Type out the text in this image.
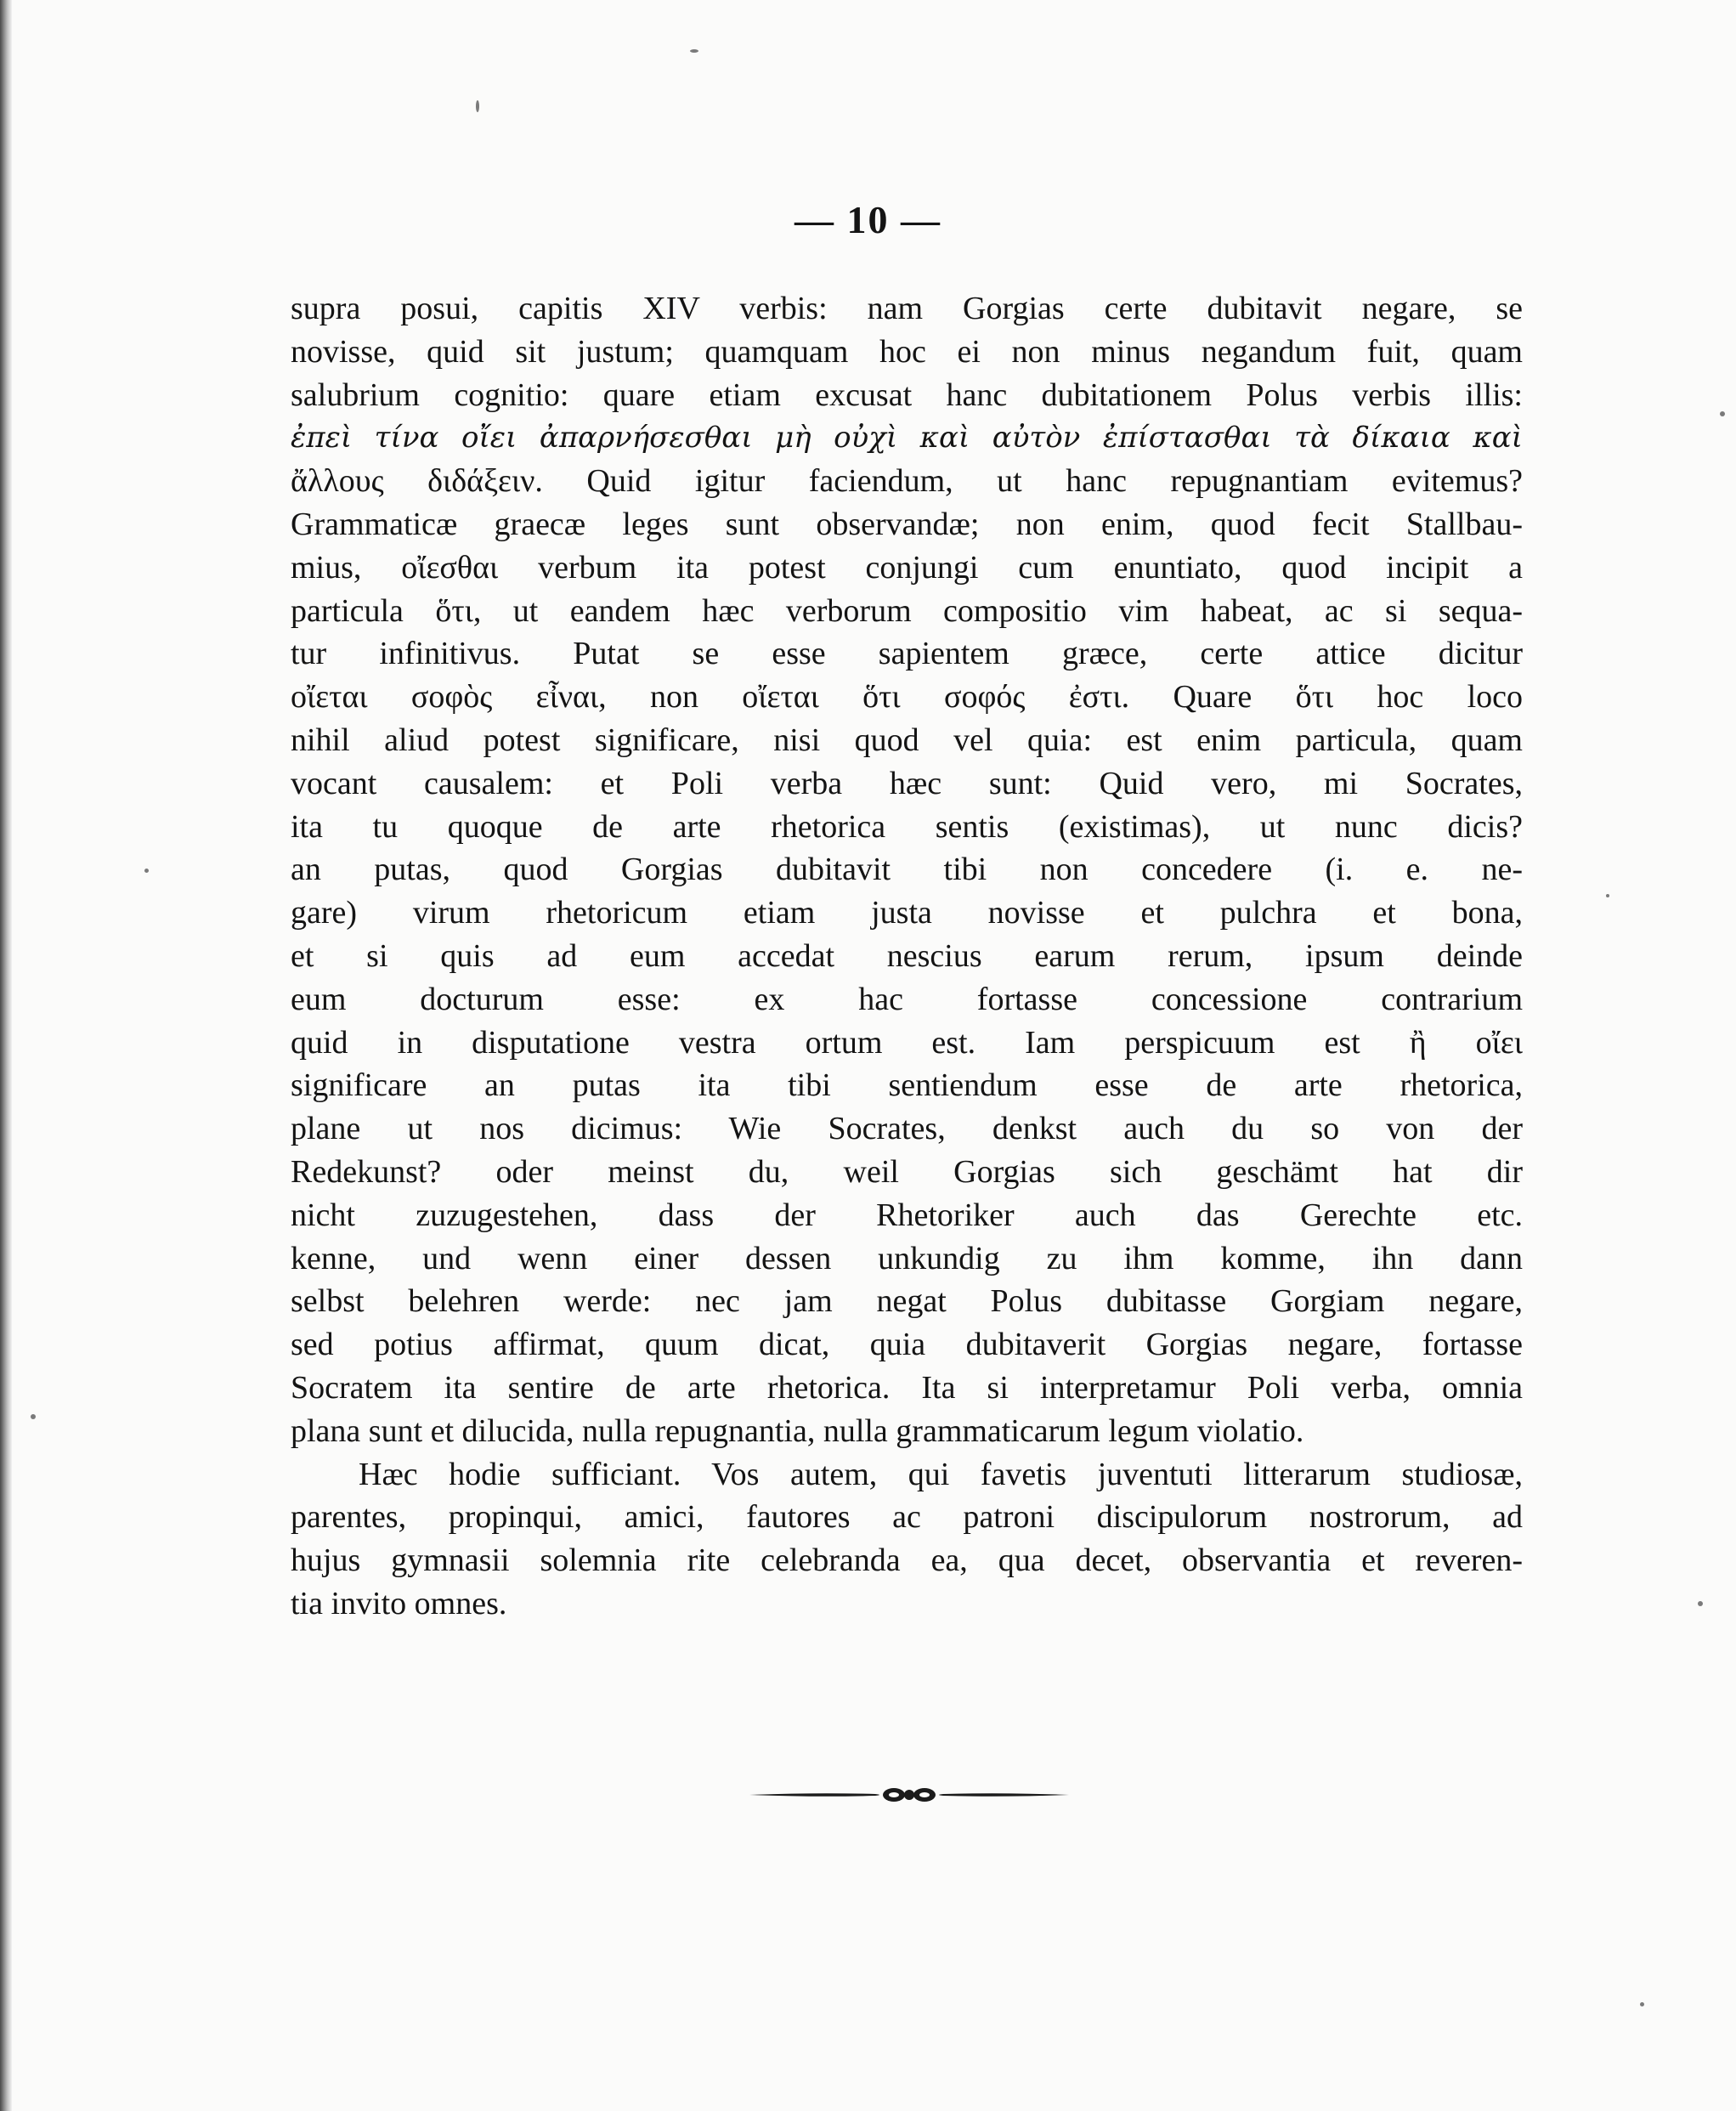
— 10 —
supra posui, capitis XIV verbis: nam Gorgias certe dubitavit negare, se
novisse, quid sit justum; quamquam hoc ei non minus negandum fuit, quam
salubrium cognitio: quare etiam excusat hanc dubitationem Polus verbis illis:
ἐπεὶ τίνα οἴει ἀπαρνήσεσθαι μὴ οὐχὶ καὶ αὐτὸν ἐπίστασθαι τὰ δίκαια καὶ
ἄλλους διδάξειν. Quid igitur faciendum, ut hanc repugnantiam evitemus?
Grammaticæ graecæ leges sunt observandæ; non enim, quod fecit Stallbau-
mius, οἴεσθαι verbum ita potest conjungi cum enuntiato, quod incipit a
particula ὅτι, ut eandem hæc verborum compositio vim habeat, ac si sequa-
tur infinitivus. Putat se esse sapientem græce, certe attice dicitur
οἴεται σοφὸς εἶναι, non οἴεται ὅτι σοφός ἐστι. Quare ὅτι hoc loco
nihil aliud potest significare, nisi quod vel quia: est enim particula, quam
vocant causalem: et Poli verba hæc sunt: Quid vero, mi Socrates,
ita tu quoque de arte rhetorica sentis (existimas), ut nunc dicis?
an putas, quod Gorgias dubitavit tibi non concedere (i. e. ne-
gare) virum rhetoricum etiam justa novisse et pulchra et bona,
et si quis ad eum accedat nescius earum rerum, ipsum deinde
eum docturum esse: ex hac fortasse concessione contrarium
quid in disputatione vestra ortum est. Iam perspicuum est ἢ οἴει
significare an putas ita tibi sentiendum esse de arte rhetorica,
plane ut nos dicimus: Wie Socrates, denkst auch du so von der
Redekunst? oder meinst du, weil Gorgias sich geschämt hat dir
nicht zuzugestehen, dass der Rhetoriker auch das Gerechte etc.
kenne, und wenn einer dessen unkundig zu ihm komme, ihn dann
selbst belehren werde: nec jam negat Polus dubitasse Gorgiam negare,
sed potius affirmat, quum dicat, quia dubitaverit Gorgias negare, fortasse
Socratem ita sentire de arte rhetorica. Ita si interpretamur Poli verba, omnia
plana sunt et dilucida, nulla repugnantia, nulla grammaticarum legum violatio.
Hæc hodie sufficiant. Vos autem, qui favetis juventuti litterarum studiosæ,
parentes, propinqui, amici, fautores ac patroni discipulorum nostrorum, ad
hujus gymnasii solemnia rite celebranda ea, qua decet, observantia et reveren-
tia invito omnes.
